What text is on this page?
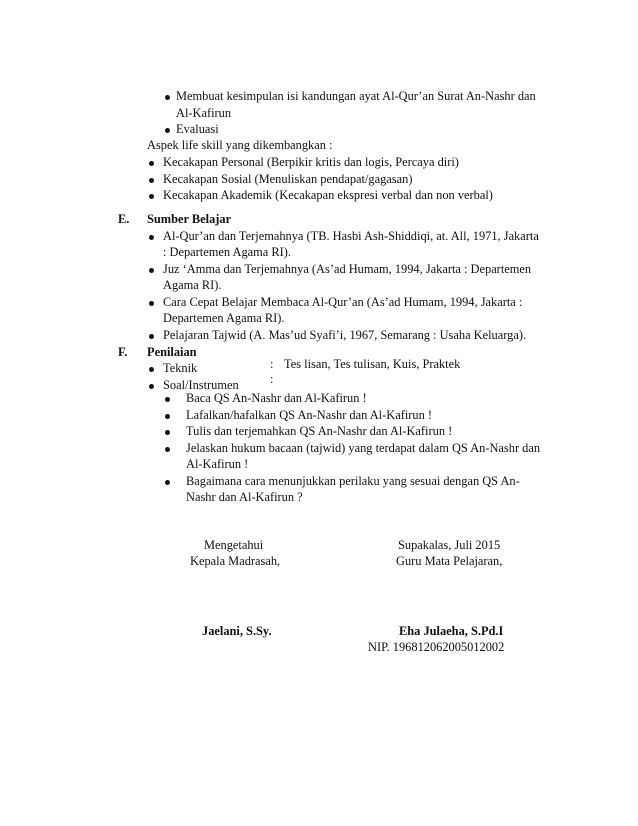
Membuat kesimpulan isi kandungan ayat Al-Qur’an Surat An-Nashr dan
Al-Kafirun
Evaluasi
Aspek life skill yang dikembangkan :
Kecakapan Personal (Berpikir kritis dan logis, Percaya diri)
Kecakapan Sosial (Menuliskan pendapat/gagasan)
Kecakapan Akademik (Kecakapan ekspresi verbal dan non verbal)
E. Sumber Belajar
Al-Qur’an dan Terjemahnya (TB. Hasbi Ash-Shiddiqi, at. All, 1971, Jakarta
: Departemen Agama RI).
Juz ‘Amma dan Terjemahnya (As’ad Humam, 1994, Jakarta : Departemen
Agama RI).
Cara Cepat Belajar Membaca Al-Qur’an (As’ad Humam, 1994, Jakarta :
Departemen Agama RI).
Pelajaran Tajwid (A. Mas’ud Syafi’i, 1967, Semarang : Usaha Keluarga).
F. Penilaian
Teknik	: Tes lisan, Tes tulisan, Kuis, Praktek
Soal/Instrumen	:
Baca QS An-Nashr dan Al-Kafirun !
Lafalkan/hafalkan QS An-Nashr dan Al-Kafirun !
Tulis dan terjemahkan QS An-Nashr dan Al-Kafirun !
Jelaskan hukum bacaan (tajwid) yang terdapat dalam QS An-Nashr dan
Al-Kafirun !
Bagaimana cara menunjukkan perilaku yang sesuai dengan QS An-
Nashr dan Al-Kafirun ?
Mengetahui
Kepala Madrasah,
Supakalas, Juli 2015
Guru Mata Pelajaran,
Jaelani, S.Sy.	Eha Julaeha, S.Pd.I
NIP. 196812062005012002
